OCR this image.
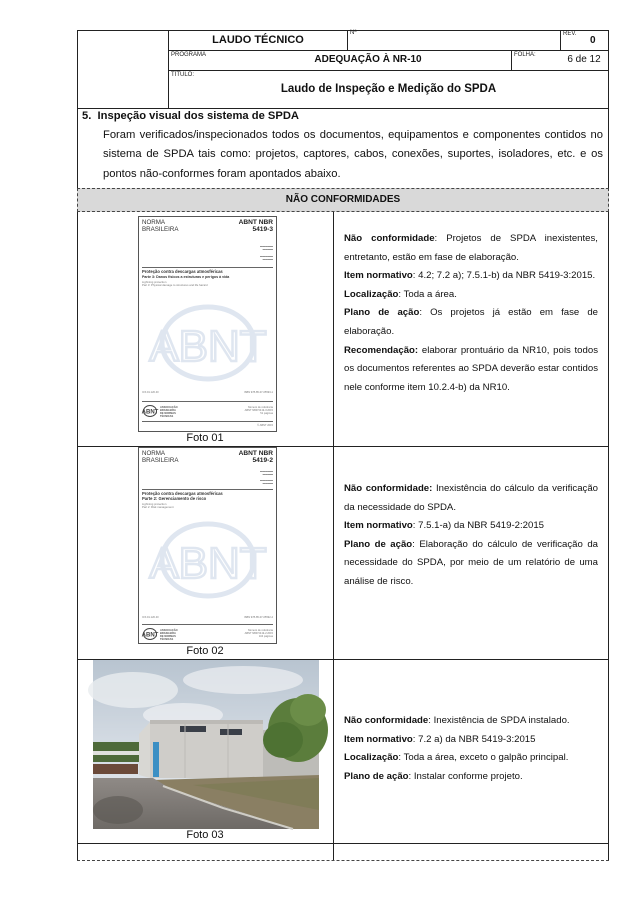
LAUDO TÉCNICO
Nº	REV.
0
PROGRAMA	ADEQUAÇÃO À NR-10	FOLHA:	6 de 12
TÍTULO:
Laudo de Inspeção e Medição do SPDA
5.  Inspeção visual dos sistema de SPDA
Foram verificados/inspecionados todos os documentos, equipamentos e componentes contidos no sistema de SPDA tais como: projetos, captores, cabos, conexões, suportes, isoladores, etc. e os pontos não-conformes foram apontados abaixo.
NÃO CONFORMIDADES
NORMA
BRASILEIRA
ABNT NBR
5419-3
▬▬▬▬▬
▬▬▬▬
▬▬▬▬▬
▬▬▬▬
Proteção contra descargas atmosféricas
Parte 3: Danos físicos a estruturas e perigos à vida
Lightning protection
Part 3: Physical damage to structures and life hazard
ABNT
ICS 91.120.40	ISBN 978-85-07-05593-1
ABNT
ASSOCIAÇÃO
BRASILEIRA
DE NORMAS
TÉCNICAS
Número de referência
ABNT NBR 5419-3:2015
51 páginas
© ABNT 2015
Foto 01
Não conformidade: Projetos de SPDA inexistentes, entretanto, estão em fase de elaboração.
Item normativo: 4.2; 7.2 a); 7.5.1-b) da NBR 5419-3:2015.
Localização: Toda a área.
Plano de ação: Os projetos já estão em fase de elaboração.
Recomendação: elaborar prontuário da NR10, pois todos os documentos referentes ao SPDA deverão estar contidos nele conforme item 10.2.4-b) da NR10.
NORMA
BRASILEIRA
ABNT NBR
5419-2
▬▬▬▬▬
▬▬▬▬
▬▬▬▬▬
▬▬▬▬
Proteção contra descargas atmosféricas
Parte 2: Gerenciamento de risco
Lightning protection
Part 2: Risk management
ABNT
ICS 91.120.40	ISBN 978-85-07-05592-4
ABNT
ASSOCIAÇÃO
BRASILEIRA
DE NORMAS
TÉCNICAS
Número de referência
ABNT NBR 5419-2:2015
104 páginas
Foto 02
Não conformidade: Inexistência do cálculo da verificação da necessidade do SPDA.
Item normativo: 7.5.1-a) da NBR 5419-2:2015
Plano de ação: Elaboração do cálculo de verificação da necessidade do SPDA, por meio de um relatório de uma análise de risco.
Foto 03
Não conformidade: Inexistência de SPDA instalado.
Item normativo: 7.2 a) da NBR 5419-3:2015
Localização: Toda a área, exceto o galpão principal.
Plano de ação: Instalar conforme projeto.
